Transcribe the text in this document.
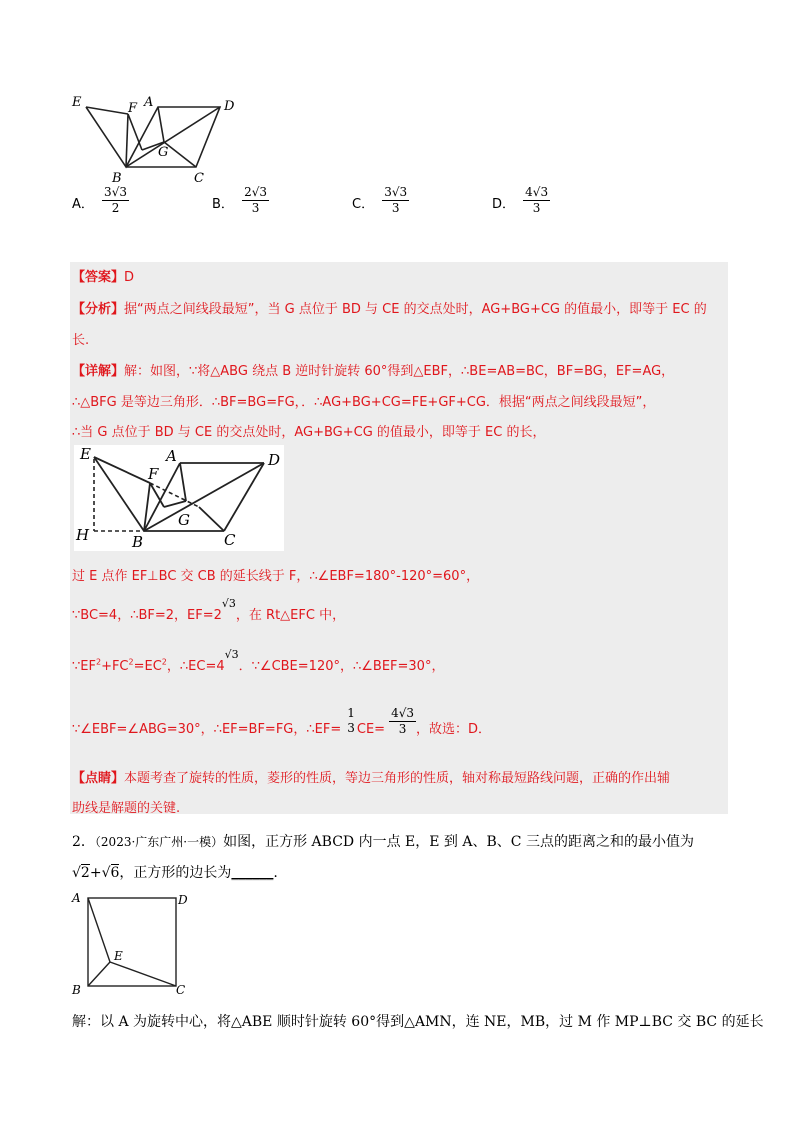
E	F A	D
G
B	C
A． $\frac{3√3}{2}$	B． $\frac{2√3}{3}$	C． $\frac{3√3}{3}$	D． $\frac{4√3}{3}$
【答案】D
【分析】据“两点之间线段最短”，当 G 点位于 BD 与 CE 的交点处时，AG+BG+CG 的值最小，即等于 EC 的
长.
【详解】解：如图，∵将△ABG 绕点 B 逆时针旋转 60°得到△EBF，∴BE=AB=BC，BF=BG，EF=AG，
∴△BFG 是等边三角形．∴BF=BG=FG，．∴AG+BG+CG=FE+GF+CG．根据“两点之间线段最短”，
∴当 G 点位于 BD 与 CE 的交点处时，AG+BG+CG 的值最小，即等于 EC 的长，
E	A	D
F
G
H	B	C
过 E 点作 EF⊥BC 交 CB 的延长线于 F，∴∠EBF=180°-120°=60°，
∵BC=4，∴BF=2，$EF=2^{√3}$，在 Rt△EFC 中，
$\because EF^2+FC^2=EC^2$，$\therefore EC=4^{√3}$．∵∠CBE=120°，∴∠BEF=30°，
∵∠EBF=∠ABG=30°，∴EF=BF=FG，∴EF=
1
3 $CE= \frac{4√3}{3}$ ，故选：D．
【点睛】本题考查了旋转的性质，菱形的性质，等边三角形的性质，轴对称最短路线问题，正确的作出辅
助线是解题的关键.
2．（2023·广东广州·一模）如图，正方形 ABCD 内一点 E，E 到 A、B、C 三点的距离之和的最小值为
√2+√6，正方形的边长为______.
A	D
E
B	C
解：以 A 为旋转中心，将△ABE 顺时针旋转 60°得到△AMN，连 NE，MB，过 M 作 MP⊥BC 交 BC 的延长
